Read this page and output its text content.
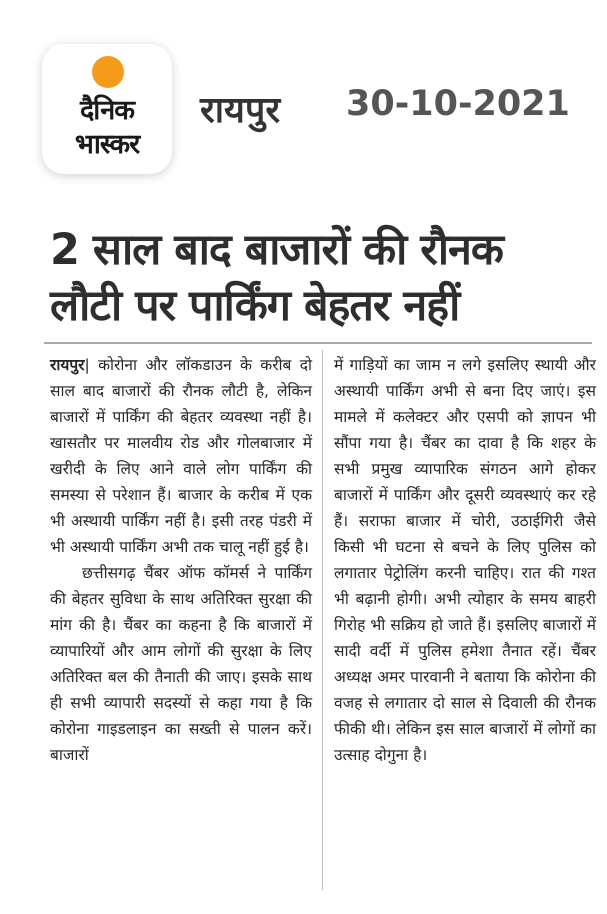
दैनिक
भास्कर
रायपुर 30-10-2021
2 साल बाद बाजारों की रौनक
लौटी पर पार्किंग बेहतर नहीं

रायपुर| कोरोना और लॉकडाउन के करीब दो साल बाद बाजारों की रौनक लौटी है, लेकिन बाजारों में पार्किंग की बेहतर व्यवस्था नहीं है। खासतौर पर मालवीय रोड और गोलबाजार में खरीदी के लिए आने वाले लोग पार्किंग की समस्या से परेशान हैं। बाजार के करीब में एक भी अस्थायी पार्किंग नहीं है। इसी तरह पंडरी में भी अस्थायी पार्किंग अभी तक चालू नहीं हुई है।

छत्तीसगढ़ चैंबर ऑफ कॉमर्स ने पार्किंग की बेहतर सुविधा के साथ अतिरिक्त सुरक्षा की मांग की है। चैंबर का कहना है कि बाजारों में व्यापारियों और आम लोगों की सुरक्षा के लिए अतिरिक्त बल की तैनाती की जाए। इसके साथ ही सभी व्यापारी सदस्यों से कहा गया है कि कोरोना गाइडलाइन का सख्ती से पालन करें। बाजारों

में गाड़ियों का जाम न लगे इसलिए स्थायी और अस्थायी पार्किंग अभी से बना दिए जाएं। इस मामले में कलेक्टर और एसपी को ज्ञापन भी सौंपा गया है। चैंबर का दावा है कि शहर के सभी प्रमुख व्यापारिक संगठन आगे होकर बाजारों में पार्किंग और दूसरी व्यवस्थाएं कर रहे हैं। सराफा बाजार में चोरी, उठाईगिरी जैसे किसी भी घटना से बचने के लिए पुलिस को लगातार पेट्रोलिंग करनी चाहिए। रात की गश्त भी बढ़ानी होगी। अभी त्योहार के समय बाहरी गिरोह भी सक्रिय हो जाते हैं। इसलिए बाजारों में सादी वर्दी में पुलिस हमेशा तैनात रहें। चैंबर अध्यक्ष अमर पारवानी ने बताया कि कोरोना की वजह से लगातार दो साल से दिवाली की रौनक फीकी थी। लेकिन इस साल बाजारों में लोगों का उत्साह दोगुना है।
